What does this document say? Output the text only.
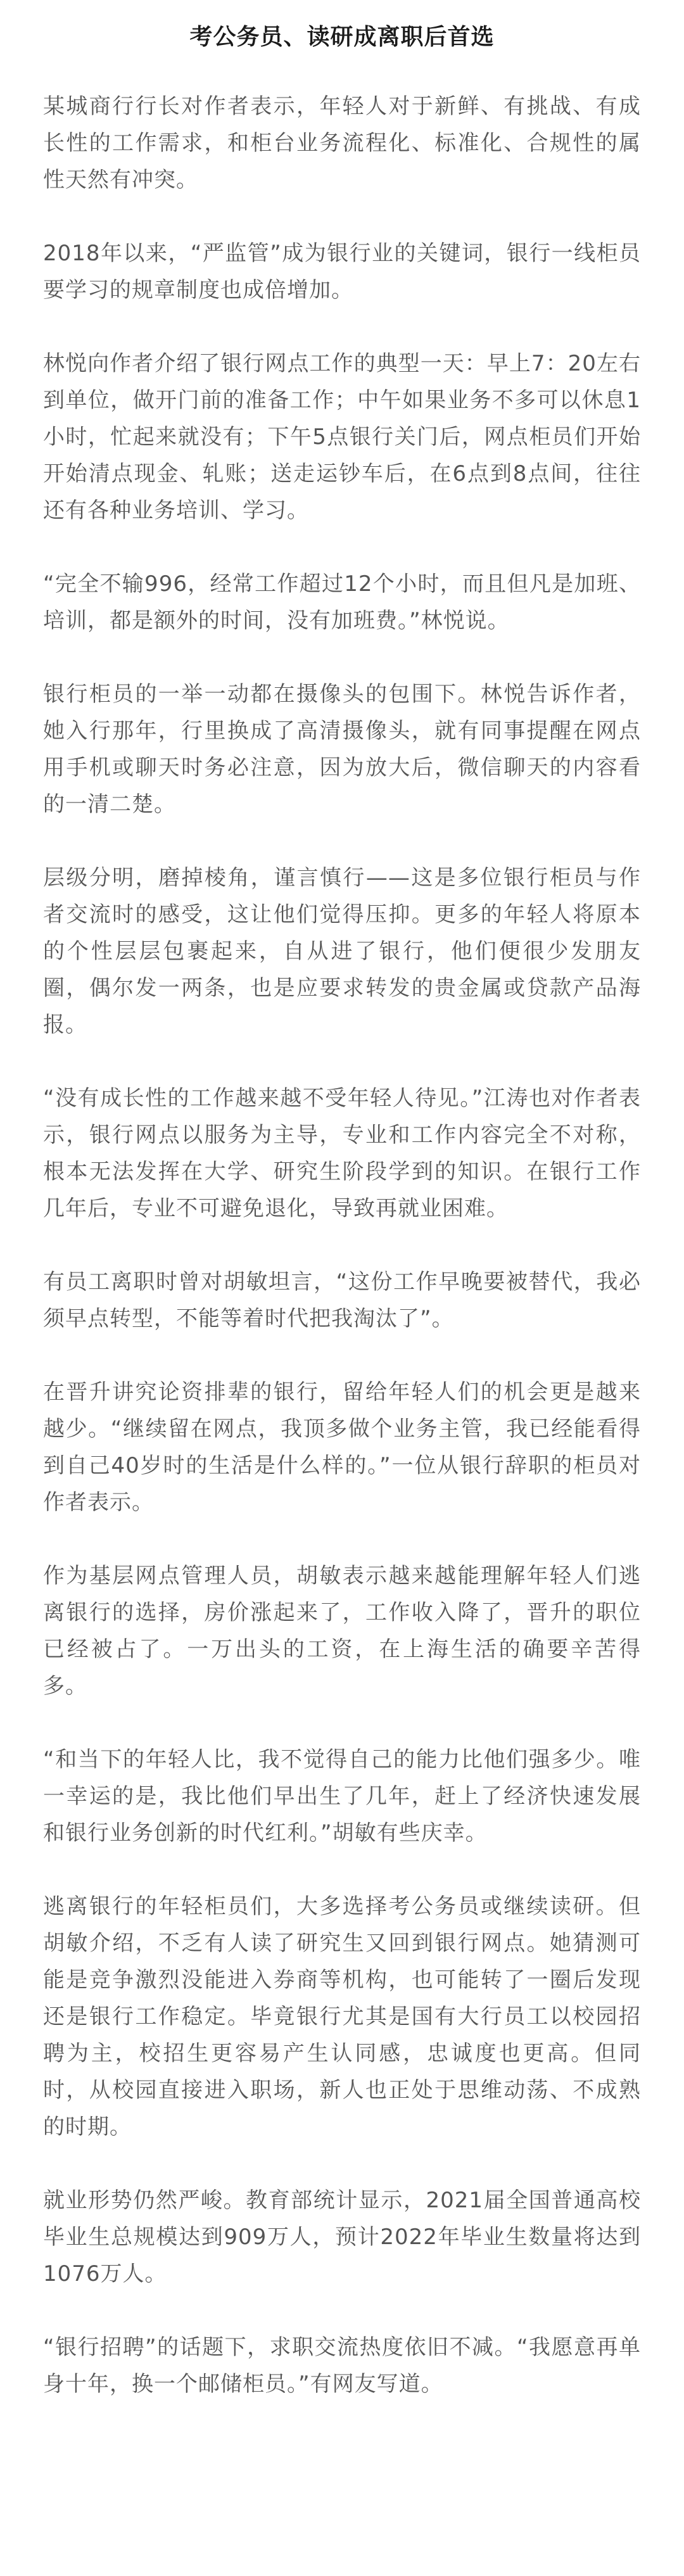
考公务员、读研成离职后首选

某城商行行长对作者表示，年轻人对于新鲜、有挑战、有成长性的工作需求，和柜台业务流程化、标准化、合规性的属性天然有冲突。

2018年以来，“严监管”成为银行业的关键词，银行一线柜员要学习的规章制度也成倍增加。

林悦向作者介绍了银行网点工作的典型一天：早上7：20左右到单位，做开门前的准备工作；中午如果业务不多可以休息1小时，忙起来就没有；下午5点银行关门后，网点柜员们开始开始清点现金、轧账；送走运钞车后，在6点到8点间，往往还有各种业务培训、学习。

“完全不输996，经常工作超过12个小时，而且但凡是加班、培训，都是额外的时间，没有加班费。”林悦说。

银行柜员的一举一动都在摄像头的包围下。林悦告诉作者，她入行那年，行里换成了高清摄像头，就有同事提醒在网点用手机或聊天时务必注意，因为放大后，微信聊天的内容看的一清二楚。

层级分明，磨掉棱角，谨言慎行——这是多位银行柜员与作者交流时的感受，这让他们觉得压抑。更多的年轻人将原本的个性层层包裹起来，自从进了银行，他们便很少发朋友圈，偶尔发一两条，也是应要求转发的贵金属或贷款产品海报。

“没有成长性的工作越来越不受年轻人待见。”江涛也对作者表示，银行网点以服务为主导，专业和工作内容完全不对称，根本无法发挥在大学、研究生阶段学到的知识。在银行工作几年后，专业不可避免退化，导致再就业困难。

有员工离职时曾对胡敏坦言，“这份工作早晚要被替代，我必须早点转型，不能等着时代把我淘汰了”。

在晋升讲究论资排辈的银行，留给年轻人们的机会更是越来越少。“继续留在网点，我顶多做个业务主管，我已经能看得到自己40岁时的生活是什么样的。”一位从银行辞职的柜员对作者表示。

作为基层网点管理人员，胡敏表示越来越能理解年轻人们逃离银行的选择，房价涨起来了，工作收入降了，晋升的职位已经被占了。一万出头的工资，在上海生活的确要辛苦得多。

“和当下的年轻人比，我不觉得自己的能力比他们强多少。唯一幸运的是，我比他们早出生了几年，赶上了经济快速发展和银行业务创新的时代红利。”胡敏有些庆幸。

逃离银行的年轻柜员们，大多选择考公务员或继续读研。但胡敏介绍，不乏有人读了研究生又回到银行网点。她猜测可能是竞争激烈没能进入券商等机构，也可能转了一圈后发现还是银行工作稳定。毕竟银行尤其是国有大行员工以校园招聘为主，校招生更容易产生认同感，忠诚度也更高。但同时，从校园直接进入职场，新人也正处于思维动荡、不成熟的时期。

就业形势仍然严峻。教育部统计显示，2021届全国普通高校毕业生总规模达到909万人，预计2022年毕业生数量将达到1076万人。

“银行招聘”的话题下，求职交流热度依旧不减。“我愿意再单身十年，换一个邮储柜员。”有网友写道。
